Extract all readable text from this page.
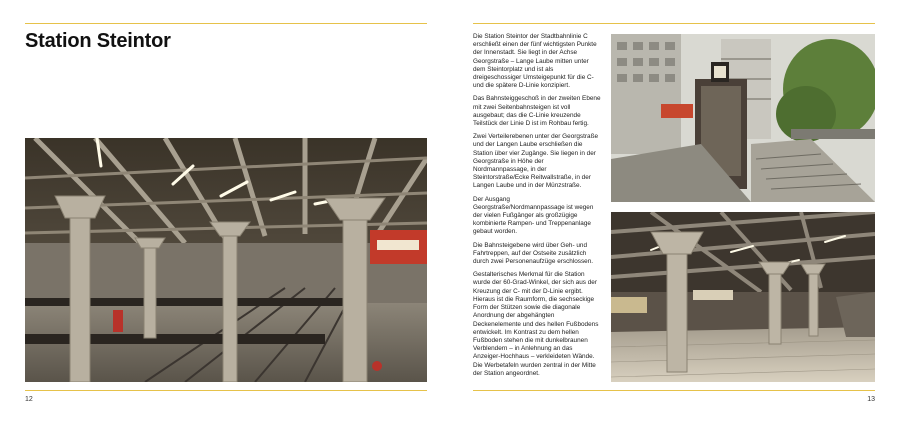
Station Steintor	Die Station Steintor der Stadtbahnlinie C erschließt einen der fünf wichtigsten Punkte der Innenstadt. Sie liegt in der Achse Georgstraße – Lange Laube mitten unter dem Steintorplatz und ist als dreigeschossiger Umsteigepunkt für die C- und die spätere D-Linie konzipiert.

Das Bahnsteiggeschoß in der zweiten Ebene mit zwei Seitenbahnsteigen ist voll ausgebaut; das die C-Linie kreuzende Teilstück der Linie D ist im Rohbau fertig.

Zwei Verteilerebenen unter der Georgstraße und der Langen Laube erschließen die Station über vier Zugänge. Sie liegen in der Georgstraße in Höhe der Nordmannpassage, in der Steintorstraße/Ecke Reitwallstraße, in der Langen Laube und in der Münzstraße.

Der Ausgang Georgstraße/Nordmannpassage ist wegen der vielen Fußgänger als großzügige kombinierte Rampen- und Treppenanlage gebaut worden.

Die Bahnsteigebene wird über Geh- und Fahrtreppen, auf der Ostseite zusätzlich durch zwei Personenaufzüge erschlossen.

Gestalterisches Merkmal für die Station wurde der 60-Grad-Winkel, der sich aus der Kreuzung der C- mit der D-Linie ergibt. Hieraus ist die Raumform, die sechseckige Form der Stützen sowie die diagonale Anordnung der abgehängten Deckenelemente und des hellen Fußbodens entwickelt. Im Kontrast zu dem hellen Fußboden stehen die mit dunkelbraunen Verblendern – in Anlehnung an das Anzeiger-Hochhaus – verkleideten Wände. Die Werbetafeln wurden zentral in der Mitte der Station angeordnet.

12	13
